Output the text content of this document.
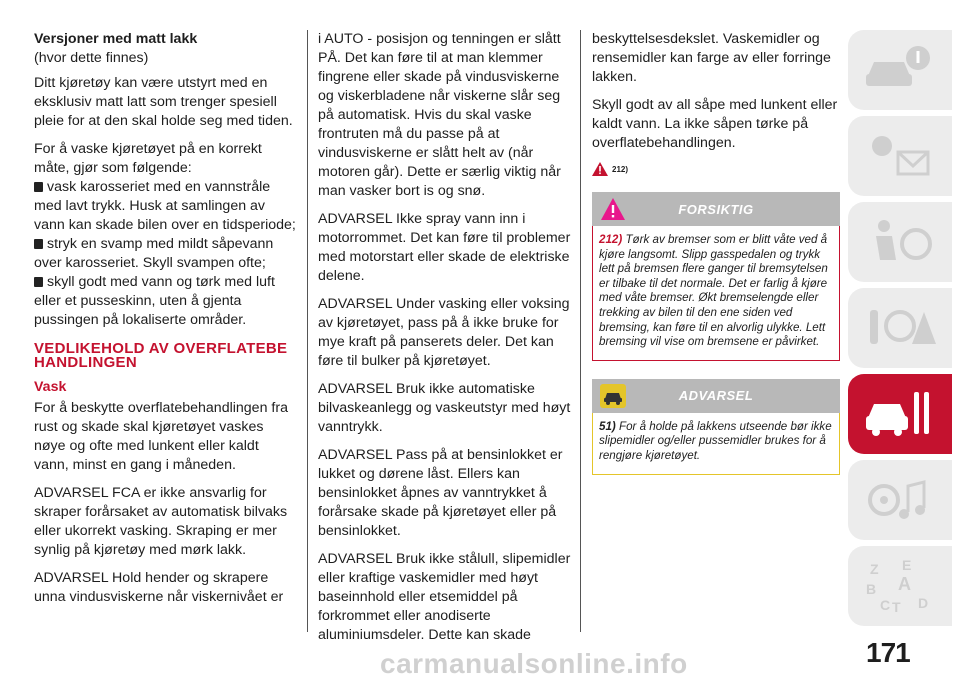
Versjoner med matt lakk

(hvor dette finnes)

Ditt kjøretøy kan være utstyrt med en eksklusiv matt latt som trenger spesiell pleie for at den skal holde seg med tiden.

For å vaske kjøretøyet på en korrekt måte, gjør som følgende:

vask karosseriet med en vannstråle

med lavt trykk. Husk at samlingen av vann kan skade bilen over en tidsperiode;

stryk en svamp med mildt såpevann

over karosseriet. Skyll svampen ofte;

skyll godt med vann og tørk med luft

eller et pusseskinn, uten å gjenta pussingen på lokaliserte områder.

VEDLIKEHOLD AV OVERFLATEBE HANDLINGEN

Vask

For å beskytte overflatebehandlingen fra rust og skade skal kjøretøyet vaskes nøye og ofte med lunkent eller kaldt vann, minst en gang i måneden.

ADVARSEL FCA er ikke ansvarlig for skraper forårsaket av automatisk bilvaks eller ukorrekt vasking. Skraping er mer synlig på kjøretøy med mørk lakk.

ADVARSEL Hold hender og skrapere unna vindusviskerne når viskernivået er

i AUTO - posisjon og tenningen er slått PÅ. Det kan føre til at man klemmer fingrene eller skade på vindusviskerne og viskerbladene når viskerne slår seg på automatisk. Hvis du skal vaske frontruten må du passe på at vindusviskerne er slått helt av (når motoren går). Dette er særlig viktig når man vasker bort is og snø.

ADVARSEL Ikke spray vann inn i motorrommet. Det kan føre til problemer med motorstart eller skade de elektriske delene.

ADVARSEL Under vasking eller voksing av kjøretøyet, pass på å ikke bruke for mye kraft på panserets deler. Det kan føre til bulker på kjøretøyet.

ADVARSEL Bruk ikke automatiske bilvaskeanlegg og vaskeutstyr med høyt vanntrykk.

ADVARSEL Pass på at bensinlokket er lukket og dørene låst. Ellers kan bensinlokket åpnes av vanntrykket å forårsake skade på kjøretøyet eller på bensinlokket.

ADVARSEL Bruk ikke stålull, slipemidler eller kraftige vaskemidler med høyt baseinnhold eller etsemiddel på forkrommet eller anodiserte aluminiumsdeler. Dette kan skade

beskyttelsesdekslet. Vaskemidler og rensemidler kan farge av eller forringe lakken.

Skyll godt av all såpe med lunkent eller kaldt vann. La ikke såpen tørke på overflatebehandlingen.

212)
FORSIKTIG
212) Tørk av bremser som er blitt våte ved å kjøre langsomt. Slipp gasspedalen og trykk lett på bremsen flere ganger til bremsytelsen er tilbake til det normale. Det er farlig å kjøre med våte bremser. Økt bremselengde eller trekking av bilen til den ene siden ved bremsing, kan føre til en alvorlig ulykke. Lett bremsing vil vise om bremsene er påvirket.
ADVARSEL
51) For å holde på lakkens utseende bør ikke slipemidler og/eller pussemidler brukes for å rengjøre kjøretøyet.
Z E
B A
C T D
171
carmanualsonline.info
